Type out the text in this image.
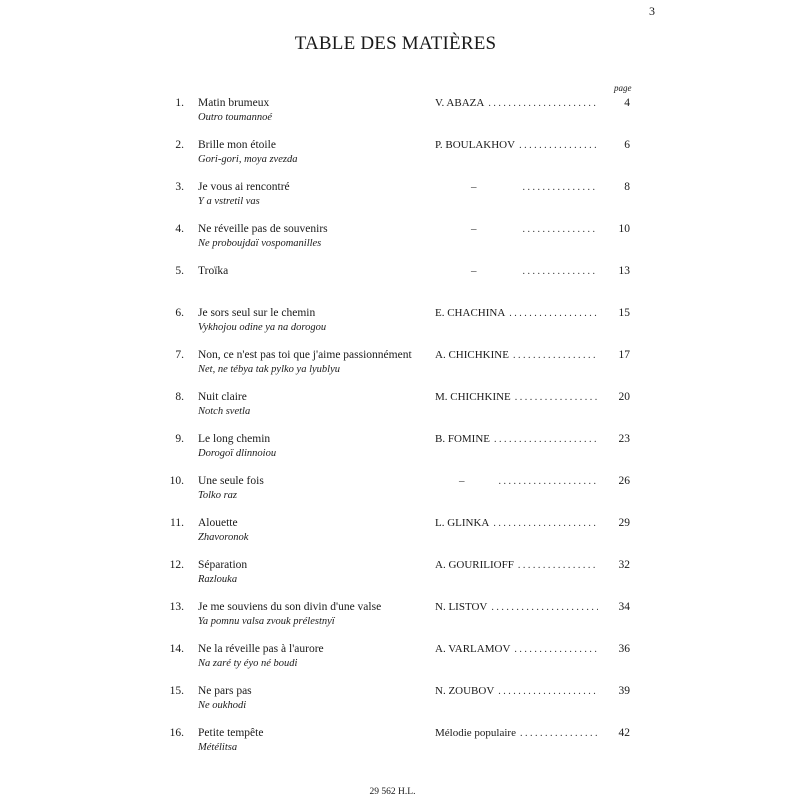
3
TABLE DES MATIÈRES
page
1. Matin brumeux
Outro toumannoé
V. ABAZA . . .	4
2. Brille mon étoile
Gori-gori, moya zvezda
P. BOULAKHOV . . .	6
3. Je vous ai rencontré
Y a vstretil vas
– . . .	8
4. Ne réveille pas de souvenirs
Ne proboujdaï vospomanilles
– . . .	10
5. Troïka	– . . .	13
6. Je sors seul sur le chemin
Vykhojou odine ya na dorogou
E. CHACHINA . . .	15
7. Non, ce n'est pas toi que j'aime passionnément
Net, ne tébya tak pylko ya lyublyu
A. CHICHKINE . . .	17
8. Nuit claire
Notch svetla
M. CHICHKINE . . .	20
9. Le long chemin
Dorogoï dlinnoiou
B. FOMINE . . .	23
10. Une seule fois
Tolko raz
– . . .	26
11. Alouette
Zhavoronok
L. GLINKA . . .	29
12. Séparation
Razlouka
A. GOURILIOFF . . .	32
13. Je me souviens du son divin d'une valse
Ya pomnu valsa zvouk prélestnyï
N. LISTOV . . .	34
14. Ne la réveille pas à l'aurore
Na zaré ty éyo né boudi
A. VARLAMOV . . .	36
15. Ne pars pas
Ne oukhodi
N. ZOUBOV . . .	39
16. Petite tempête
Métélitsa
Mélodie populaire . . .	42
29 562 H.L.
